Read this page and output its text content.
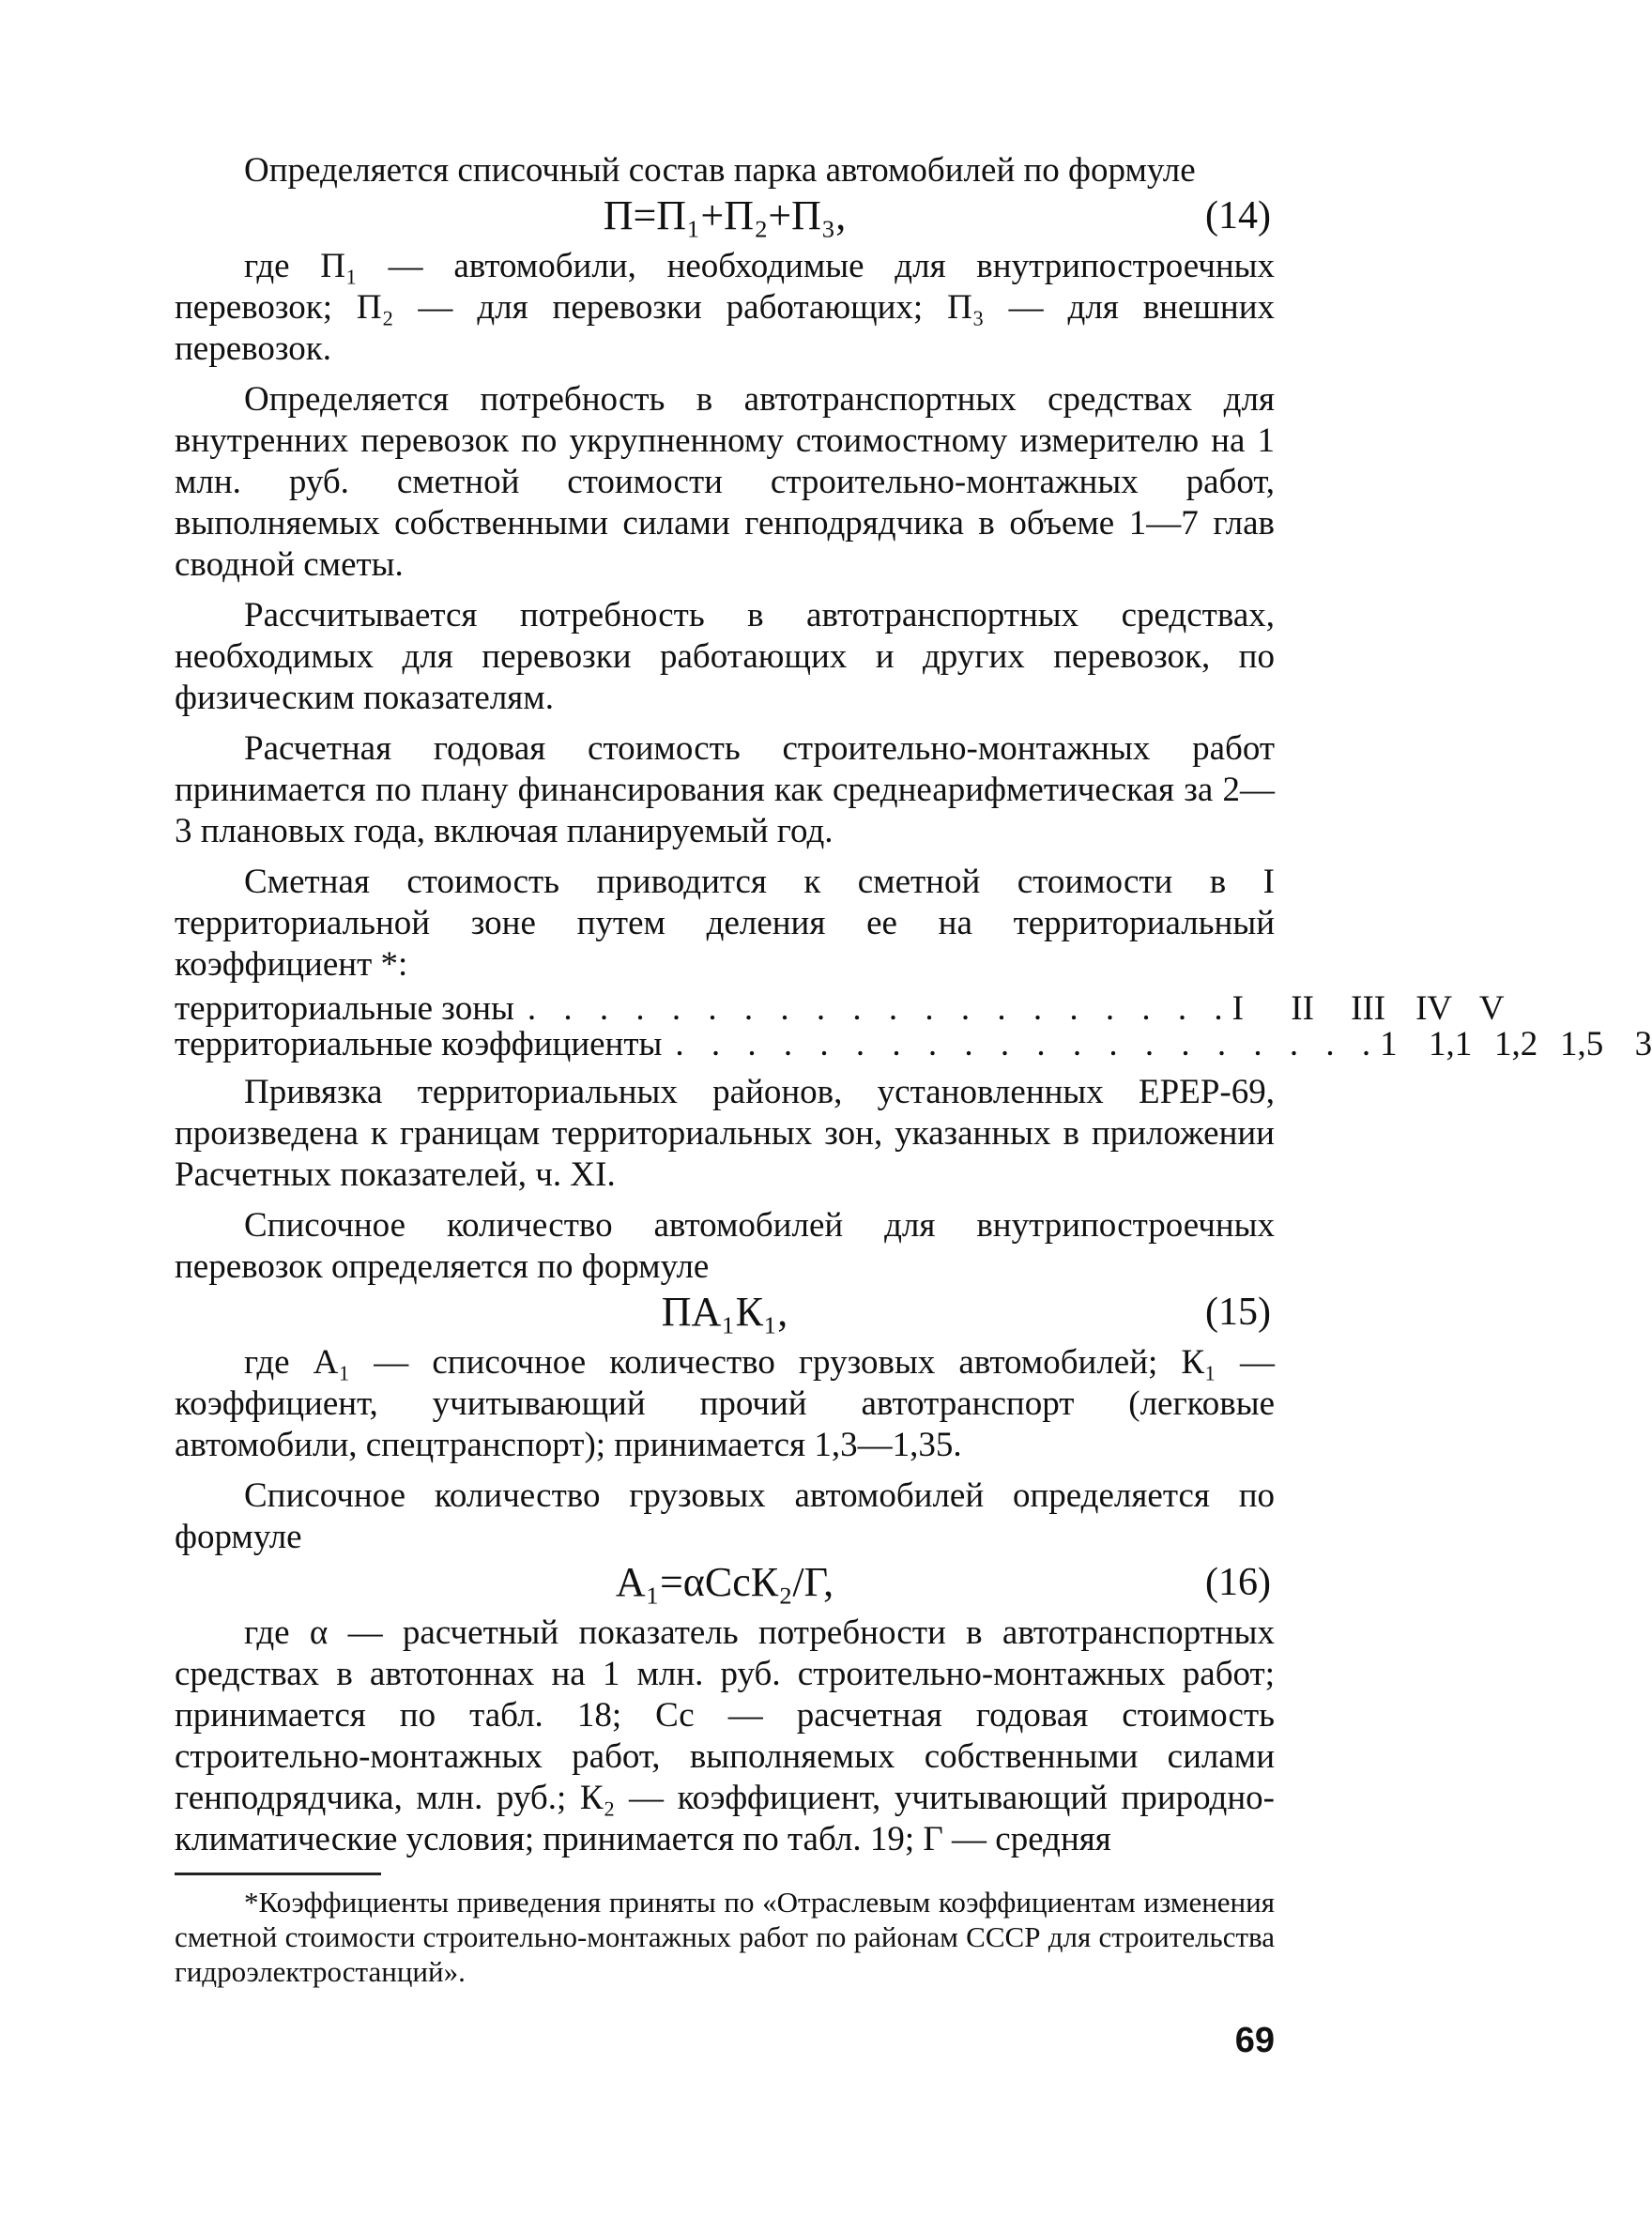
Определяется списочный состав парка автомобилей по формуле

П=П₁+П₂+П₃,	(14)

где П₁ — автомобили, необходимые для внутрипостроечных перевозок; П₂ — для перевозки работающих; П₃ — для внешних перевозок.

Определяется потребность в автотранспортных средствах для внутренних перевозок по укрупненному стоимостному измерителю на 1 млн. руб. сметной стоимости строительно-монтажных работ, выполняемых собственными силами генподрядчика в объеме 1—7 глав сводной сметы.

Рассчитывается потребность в автотранспортных средствах, необходимых для перевозки работающих и других перевозок, по физическим показателям.

Расчетная годовая стоимость строительно-монтажных работ принимается по плану финансирования как среднеарифметическая за 2—3 плановых года, включая планируемый год.

Сметная стоимость приводится к сметной стоимости в I территориальной зоне путем деления ее на территориальный коэффициент *:

территориальные зоны . . . . . . . . . . . . . . . . . . . . I	II	III IV V
территориальные коэффициенты . . . . . . . . . . . . . . . . . . . . 1 1,1 1,2 1,5 3

Привязка территориальных районов, установленных ЕРЕР-69, произведена к границам территориальных зон, указанных в приложении Расчетных показателей, ч. XI.

Списочное количество автомобилей для внутрипостроечных перевозок определяется по формуле

ПА₁К₁,	(15)

где А₁ — списочное количество грузовых автомобилей; К₁ — коэффициент, учитывающий прочий автотранспорт (легковые автомобили, спецтранспорт); принимается 1,3—1,35.

Списочное количество грузовых автомобилей определяется по формуле

А₁=αCcК₂/Г,	(16)

где α — расчетный показатель потребности в автотранспортных средствах в автотоннах на 1 млн. руб. строительно-монтажных работ; принимается по табл. 18; Сс — расчетная годовая стоимость строительно-монтажных работ, выполняемых собственными силами генподрядчика, млн. руб.; К₂ — коэффициент, учитывающий природно-климатические условия; принимается по табл. 19; Г — средняя

*Коэффициенты приведения приняты по «Отраслевым коэффициентам изменения сметной стоимости строительно-монтажных работ по районам СССР для строительства гидроэлектростанций».

69
